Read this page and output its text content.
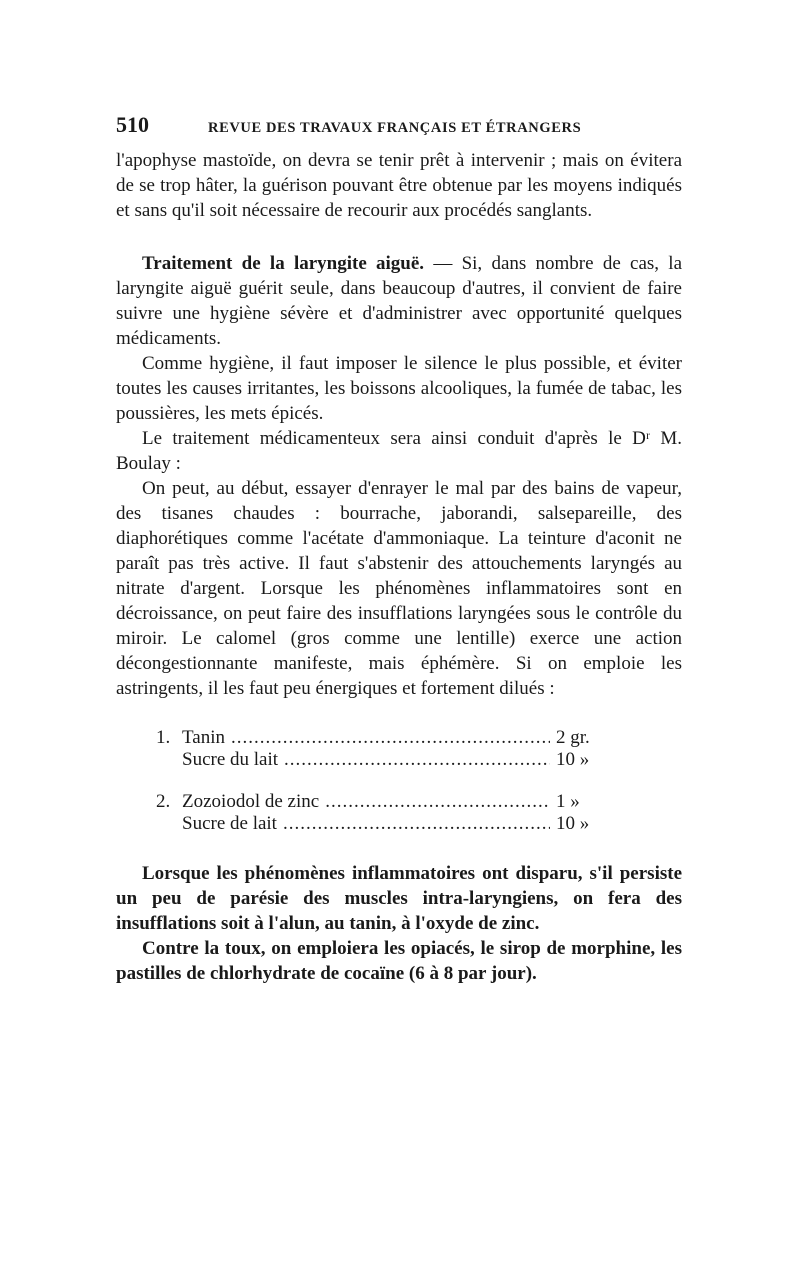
510	REVUE DES TRAVAUX FRANÇAIS ET ÉTRANGERS

l'apophyse mastoïde, on devra se tenir prêt à intervenir ; mais on évitera de se trop hâter, la guérison pouvant être obtenue par les moyens indiqués et sans qu'il soit nécessaire de recourir aux procédés sanglants.

Traitement de la laryngite aiguë. — Si, dans nombre de cas, la laryngite aiguë guérit seule, dans beaucoup d'autres, il convient de faire suivre une hygiène sévère et d'administrer avec opportunité quelques médicaments.

Comme hygiène, il faut imposer le silence le plus possible, et éviter toutes les causes irritantes, les boissons alcooliques, la fumée de tabac, les poussières, les mets épicés.

Le traitement médicamenteux sera ainsi conduit d'après le Dʳ M. Boulay :

On peut, au début, essayer d'enrayer le mal par des bains de vapeur, des tisanes chaudes : bourrache, jaborandi, salsepareille, des diaphorétiques comme l'acétate d'ammoniaque. La teinture d'aconit ne paraît pas très active. Il faut s'abstenir des attouchements laryngés au nitrate d'argent. Lorsque les phénomènes inflammatoires sont en décroissance, on peut faire des insufflations laryngées sous le contrôle du miroir. Le calomel (gros comme une lentille) exerce une action décongestionnante manifeste, mais éphémère. Si on emploie les astringents, il les faut peu énergiques et fortement dilués :

1. Tanin .....	2 gr.
Sucre du lait .....	10 »
2. Zozoiodol de zinc .....	1 »
Sucre de lait .....	10 »

Lorsque les phénomènes inflammatoires ont disparu, s'il persiste un peu de parésie des muscles intra-laryngiens, on fera des insufflations soit à l'alun, au tanin, à l'oxyde de zinc.

Contre la toux, on emploiera les opiacés, le sirop de morphine, les pastilles de chlorhydrate de cocaïne (6 à 8 par jour).
